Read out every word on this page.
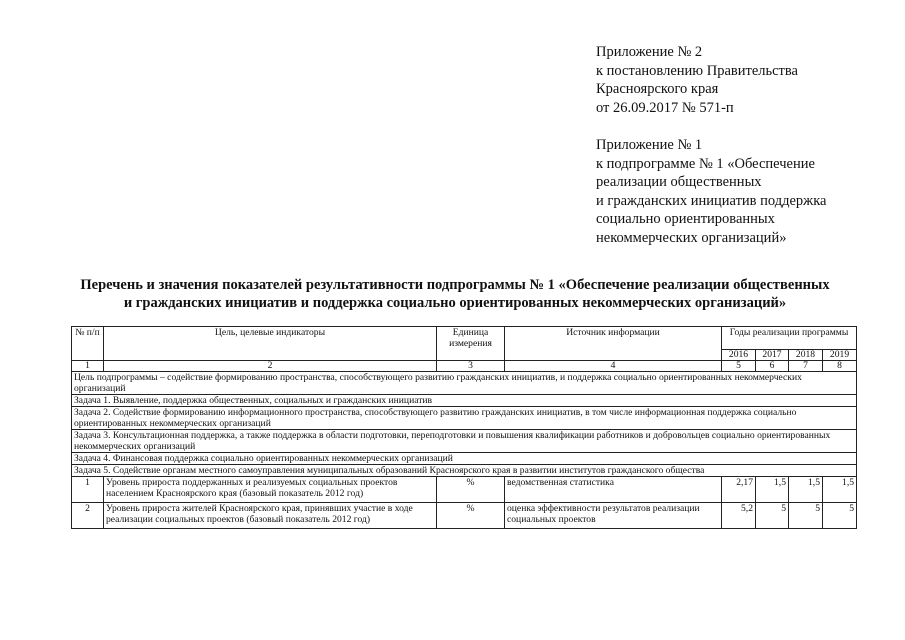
Приложение № 2
к постановлению Правительства
Красноярского края
от 26.09.2017 № 571-п
Приложение № 1
к подпрограмме № 1 «Обеспечение
реализации общественных
и гражданских инициатив поддержка
социально ориентированных
некоммерческих организаций»
Перечень и значения показателей результативности подпрограммы № 1 «Обеспечение реализации общественных
и гражданских инициатив и поддержка социально ориентированных некоммерческих организаций»
№ п/п	Цель, целевые индикаторы	Единица измерения	Источник информации	Годы реализации программы			
				2016	2017	2018	2019
1	2	3	4	5	6	7	8
Цель подпрограммы – содействие формированию пространства, способствующего развитию гражданских инициатив, и поддержка социально ориентированных некоммерческих организаций							
Задача 1. Выявление, поддержка общественных, социальных и гражданских инициатив							
Задача 2. Содействие формированию информационного пространства, способствующего развитию гражданских инициатив, в том числе информационная поддержка социально ориентированных некоммерческих организаций							
Задача 3. Консультационная поддержка, а также поддержка в области подготовки, переподготовки и повышения квалификации работников и добровольцев социально ориентированных некоммерческих организаций							
Задача 4. Финансовая поддержка социально ориентированных некоммерческих организаций							
Задача 5. Содействие органам местного самоуправления муниципальных образований Красноярского края в развитии институтов гражданского общества							
1	Уровень прироста поддержанных и реализуемых социальных проектов населением Красноярского края (базовый показатель 2012 год)	%	ведомственная статистика	2,17	1,5	1,5	1,5
2	Уровень прироста жителей Красноярского края, принявших участие в ходе реализации социальных проектов (базовый показатель 2012 год)	%	оценка эффективности результатов реализации социальных проектов	5,2	5	5	5
